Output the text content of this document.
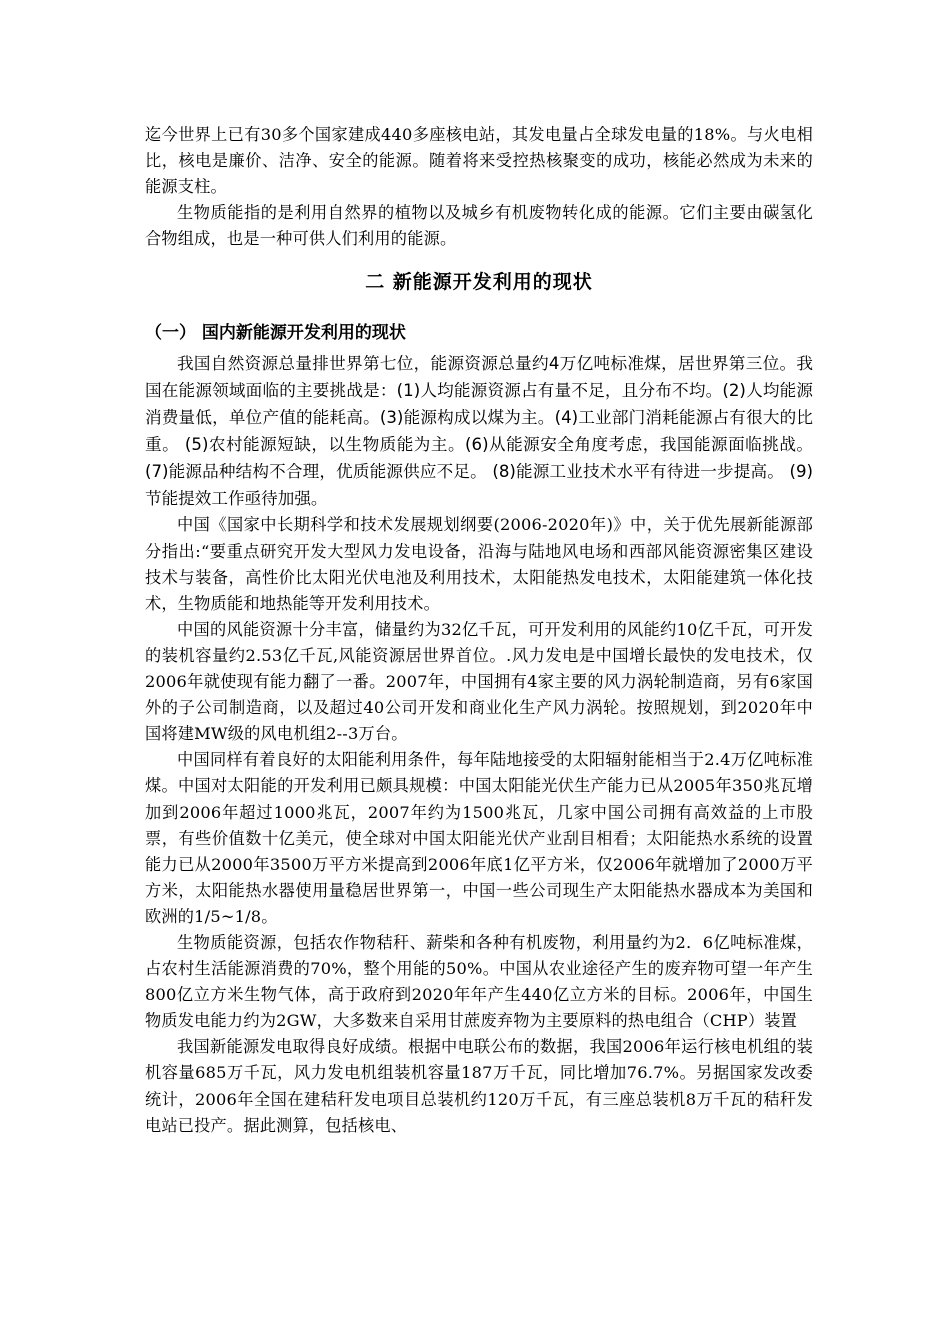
迄今世界上已有30多个国家建成440多座核电站，其发电量占全球发电量的18%。与火电相比，核电是廉价、洁净、安全的能源。随着将来受控热核聚变的成功，核能必然成为未来的能源支柱。

生物质能指的是利用自然界的植物以及城乡有机废物转化成的能源。它们主要由碳氢化合物组成，也是一种可供人们利用的能源。

二 新能源开发利用的现状
（一） 国内新能源开发利用的现状

我国自然资源总量排世界第七位，能源资源总量约4万亿吨标准煤，居世界第三位。我国在能源领域面临的主要挑战是：(1)人均能源资源占有量不足，且分布不均。(2)人均能源消费量低，单位产值的能耗高。(3)能源构成以煤为主。(4)工业部门消耗能源占有很大的比重。 (5)农村能源短缺，以生物质能为主。(6)从能源安全角度考虑，我国能源面临挑战。 (7)能源品种结构不合理，优质能源供应不足。 (8)能源工业技术水平有待进一步提高。 (9)节能提效工作亟待加强。

中国《国家中长期科学和技术发展规划纲要(2006-2020年)》中，关于优先展新能源部分指出:“要重点研究开发大型风力发电设备，沿海与陆地风电场和西部风能资源密集区建设技术与装备，高性价比太阳光伏电池及利用技术，太阳能热发电技术，太阳能建筑一体化技术，生物质能和地热能等开发利用技术。

中国的风能资源十分丰富，储量约为32亿千瓦，可开发利用的风能约10亿千瓦，可开发的装机容量约2.53亿千瓦,风能资源居世界首位。.风力发电是中国增长最快的发电技术，仅2006年就使现有能力翻了一番。2007年，中国拥有4家主要的风力涡轮制造商，另有6家国外的子公司制造商，以及超过40公司开发和商业化生产风力涡轮。按照规划，到2020年中国将建MW级的风电机组2--3万台。

中国同样有着良好的太阳能利用条件，每年陆地接受的太阳辐射能相当于2.4万亿吨标准煤。中国对太阳能的开发利用已颇具规模：中国太阳能光伏生产能力已从2005年350兆瓦增加到2006年超过1000兆瓦，2007年约为1500兆瓦，几家中国公司拥有高效益的上市股票，有些价值数十亿美元，使全球对中国太阳能光伏产业刮目相看；太阳能热水系统的设置能力已从2000年3500万平方米提高到2006年底1亿平方米，仅2006年就增加了2000万平方米，太阳能热水器使用量稳居世界第一，中国一些公司现生产太阳能热水器成本为美国和欧洲的1/5~1/8。

生物质能资源，包括农作物秸秆、薪柴和各种有机废物，利用量约为2．6亿吨标准煤，占农村生活能源消费的70%，整个用能的50%。中国从农业途径产生的废弃物可望一年产生800亿立方米生物气体，高于政府到2020年年产生440亿立方米的目标。2006年，中国生物质发电能力约为2GW，大多数来自采用甘蔗废弃物为主要原料的热电组合（CHP）装置

我国新能源发电取得良好成绩。根据中电联公布的数据，我国2006年运行核电机组的装机容量685万千瓦，风力发电机组装机容量187万千瓦，同比增加76.7%。另据国家发改委统计，2006年全国在建秸秆发电项目总装机约120万千瓦，有三座总装机8万千瓦的秸秆发电站已投产。据此测算，包括核电、
